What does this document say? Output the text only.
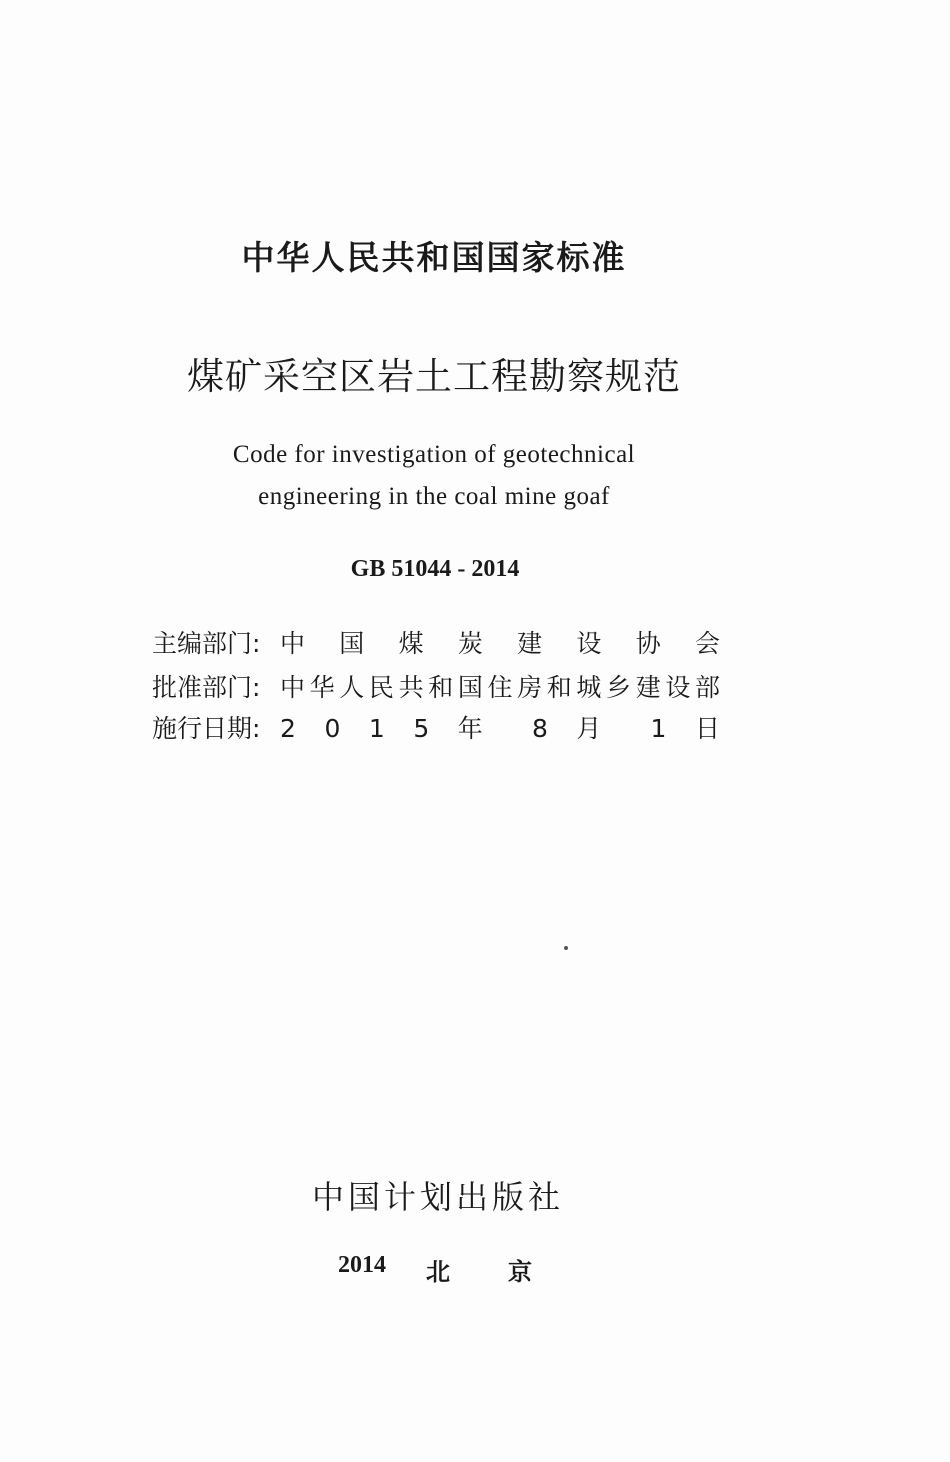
中华人民共和国国家标准
煤矿采空区岩土工程勘察规范
Code for investigation of geotechnical
engineering in the coal mine goaf
GB 51044 - 2014
主编部门: 中 国 煤 炭 建 设 协 会
批准部门: 中华人民共和国住房和城乡建设部
施行日期: 2 0 1 5 年 8 月 1 日
中国计划出版社
2014 北 京
